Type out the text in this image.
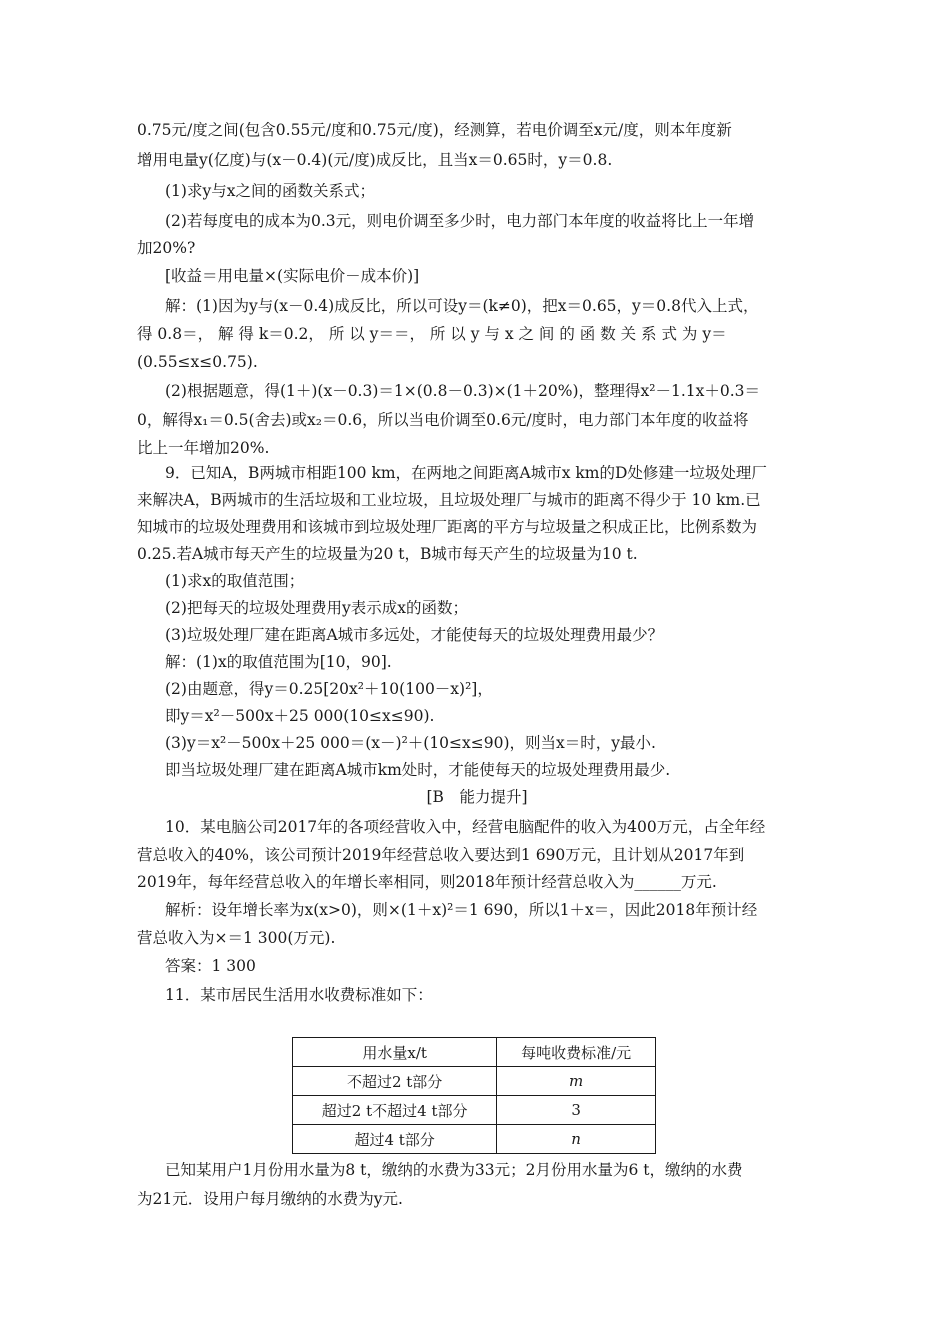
0.75元/度之间(包含0.55元/度和0.75元/度)，经测算，若电价调至x元/度，则本年度新
增用电量y(亿度)与(x－0.4)(元/度)成反比，且当x＝0.65时，y＝0.8.
(1)求y与x之间的函数关系式；
(2)若每度电的成本为0.3元，则电价调至多少时，电力部门本年度的收益将比上一年增
加20%?
[收益＝用电量×(实际电价－成本价)]
解：(1)因为y与(x－0.4)成反比，所以可设y＝(k≠0)，把x＝0.65，y＝0.8代入上式，
得 0.8＝， 解 得 k＝0.2， 所 以 y＝＝， 所 以 y 与 x 之 间 的 函 数 关 系 式 为 y＝
(0.55≤x≤0.75).
(2)根据题意，得(1＋)(x－0.3)＝1×(0.8－0.3)×(1＋20%)，整理得x²－1.1x＋0.3＝
0，解得x₁＝0.5(舍去)或x₂＝0.6，所以当电价调至0.6元/度时，电力部门本年度的收益将
比上一年增加20%.
9．已知A，B两城市相距100 km，在两地之间距离A城市x km的D处修建一垃圾处理厂
来解决A，B两城市的生活垃圾和工业垃圾，且垃圾处理厂与城市的距离不得少于 10 km.已
知城市的垃圾处理费用和该城市到垃圾处理厂距离的平方与垃圾量之积成正比，比例系数为
0.25.若A城市每天产生的垃圾量为20 t，B城市每天产生的垃圾量为10 t.
(1)求x的取值范围；
(2)把每天的垃圾处理费用y表示成x的函数；
(3)垃圾处理厂建在距离A城市多远处，才能使每天的垃圾处理费用最少？
解：(1)x的取值范围为[10，90].
(2)由题意，得y＝0.25[20x²＋10(100－x)²]，
即y＝x²－500x＋25 000(10≤x≤90).
(3)y＝x²－500x＋25 000＝(x－)²＋(10≤x≤90)，则当x＝时，y最小.
即当垃圾处理厂建在距离A城市km处时，才能使每天的垃圾处理费用最少.
[B　能力提升]
10．某电脑公司2017年的各项经营收入中，经营电脑配件的收入为400万元，占全年经
营总收入的40%，该公司预计2019年经营总收入要达到1 690万元，且计划从2017年到
2019年，每年经营总收入的年增长率相同，则2018年预计经营总收入为______万元.
解析：设年增长率为x(x>0)，则×(1＋x)²＝1 690，所以1＋x＝，因此2018年预计经
营总收入为×＝1 300(万元).
答案：1 300
11．某市居民生活用水收费标准如下：
用水量x/t	每吨收费标准/元
不超过2 t部分	m
超过2 t不超过4 t部分	3
超过4 t部分	n
已知某用户1月份用水量为8 t，缴纳的水费为33元；2月份用水量为6 t，缴纳的水费
为21元．设用户每月缴纳的水费为y元.
